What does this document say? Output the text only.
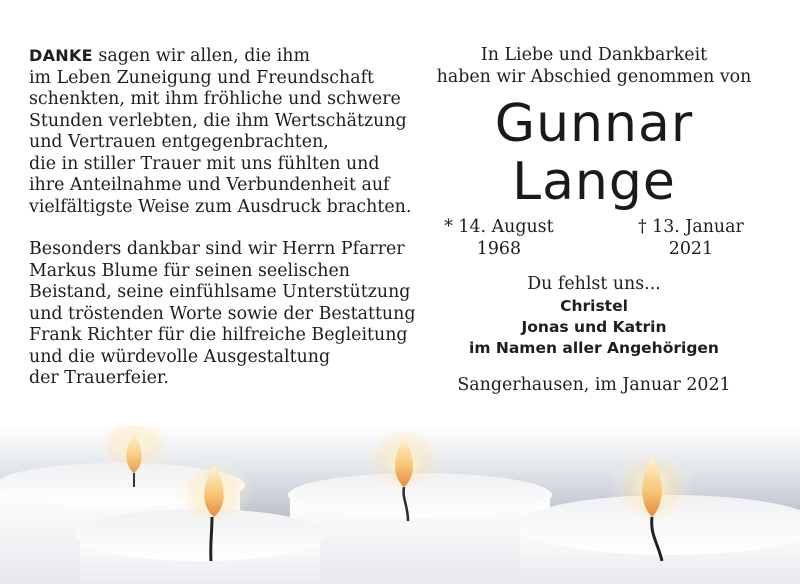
DANKE sagen wir allen, die ihm

im Leben Zuneigung und Freundschaft

schenkten, mit ihm fröhliche und schwere

Stunden verlebten, die ihm Wertschätzung

und Vertrauen entgegenbrachten,

die in stiller Trauer mit uns fühlten und

ihre Anteilnahme und Verbundenheit auf

vielfältigste Weise zum Ausdruck brachten.

Besonders dankbar sind wir Herrn Pfarrer

Markus Blume für seinen seelischen

Beistand, seine einfühlsame Unterstützung

und tröstenden Worte sowie der Bestattung

Frank Richter für die hilfreiche Begleitung

und die würdevolle Ausgestaltung

der Trauerfeier.

In Liebe und Dankbarkeit

haben wir Abschied genommen von

Gunnar
Lange
* 14. August 1968
† 13. Januar 2021

Du fehlst uns...

Christel

Jonas und Katrin

im Namen aller Angehörigen

Sangerhausen, im Januar 2021
